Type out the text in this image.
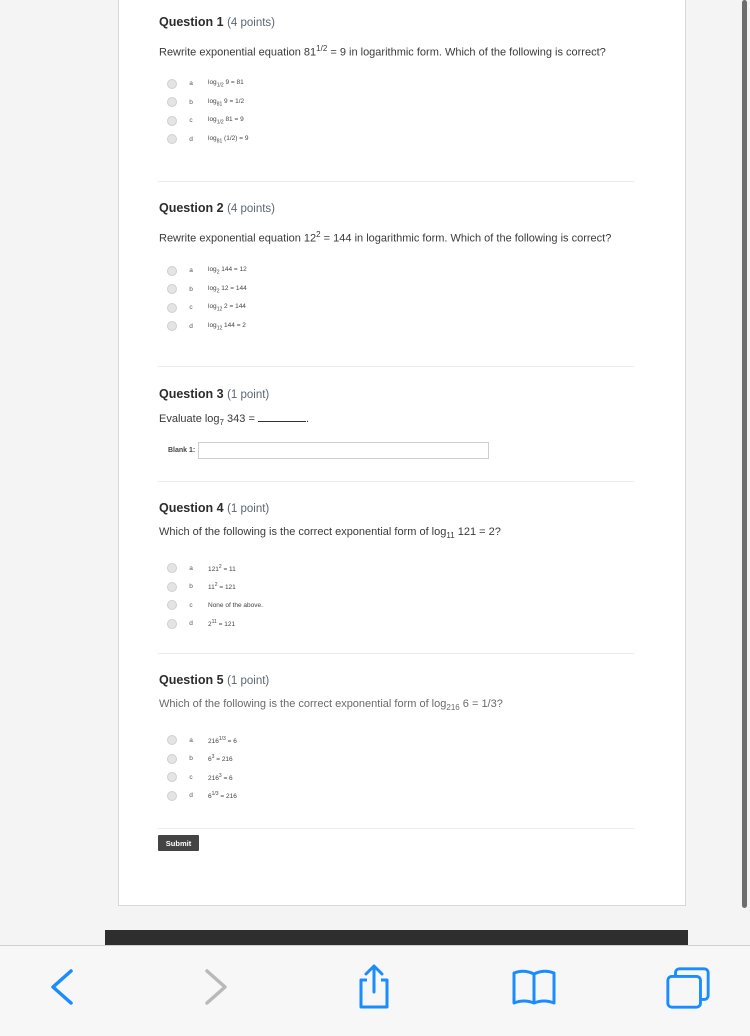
Question 1 (4 points)
Rewrite exponential equation $81^{1/2} = 9$ in logarithmic form. Which of the following is correct?
a	$\log_{1/2} 9 = 81$
b	$\log_{81} 9 = 1/2$
c	$\log_{1/2} 81 = 9$
d	$\log_{81} (1/2) = 9$
Question 2 (4 points)
Rewrite exponential equation $12^2 = 144$ in logarithmic form. Which of the following is correct?
a	$\log_2 144 = 12$
b	$\log_2 12 = 144$
c	$\log_{12} 2 = 144$
d	$\log_{12} 144 = 2$
Question 3 (1 point)
Evaluate $\log_7 343$ =	.
Blank 1:
Question 4 (1 point)
Which of the following is the correct exponential form of $\log_{11} 121 = 2$?
a	$121^2 = 11$
b	$11^2 = 121$
c	None of the above.
d	$2^{11} = 121$
Question 5 (1 point)
Which of the following is the correct exponential form of $\log_{216} 6 = 1/3$?
a	$216^{1/3} = 6$
b	$6^3 = 216$
c	$216^3 = 6$
d	$6^{1/3} = 216$
Submit
